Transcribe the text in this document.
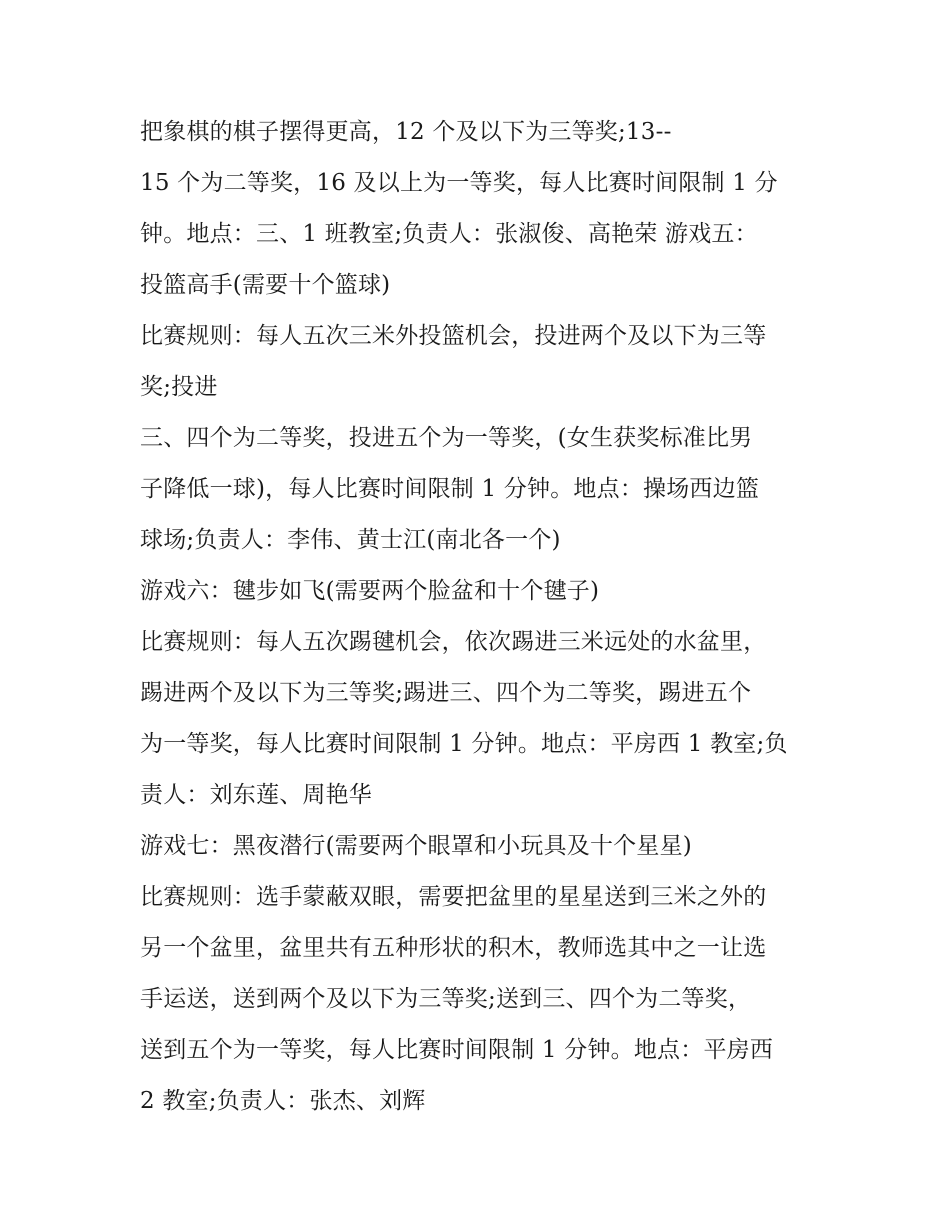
把象棋的棋子摆得更高，12 个及以下为三等奖;13--
15 个为二等奖，16 及以上为一等奖，每人比赛时间限制 1 分
钟。地点：三、1 班教室;负责人：张淑俊、高艳荣 游戏五：
投篮高手(需要十个篮球)
比赛规则：每人五次三米外投篮机会，投进两个及以下为三等
奖;投进
三、四个为二等奖，投进五个为一等奖，(女生获奖标准比男
子降低一球)，每人比赛时间限制 1 分钟。地点：操场西边篮
球场;负责人：李伟、黄士江(南北各一个)
游戏六：毽步如飞(需要两个脸盆和十个毽子)
比赛规则：每人五次踢毽机会，依次踢进三米远处的水盆里，
踢进两个及以下为三等奖;踢进三、四个为二等奖，踢进五个
为一等奖，每人比赛时间限制 1 分钟。地点：平房西 1 教室;负
责人：刘东莲、周艳华
游戏七：黑夜潜行(需要两个眼罩和小玩具及十个星星)
比赛规则：选手蒙蔽双眼，需要把盆里的星星送到三米之外的
另一个盆里，盆里共有五种形状的积木，教师选其中之一让选
手运送，送到两个及以下为三等奖;送到三、四个为二等奖，
送到五个为一等奖，每人比赛时间限制 1 分钟。地点：平房西
2 教室;负责人：张杰、刘辉
